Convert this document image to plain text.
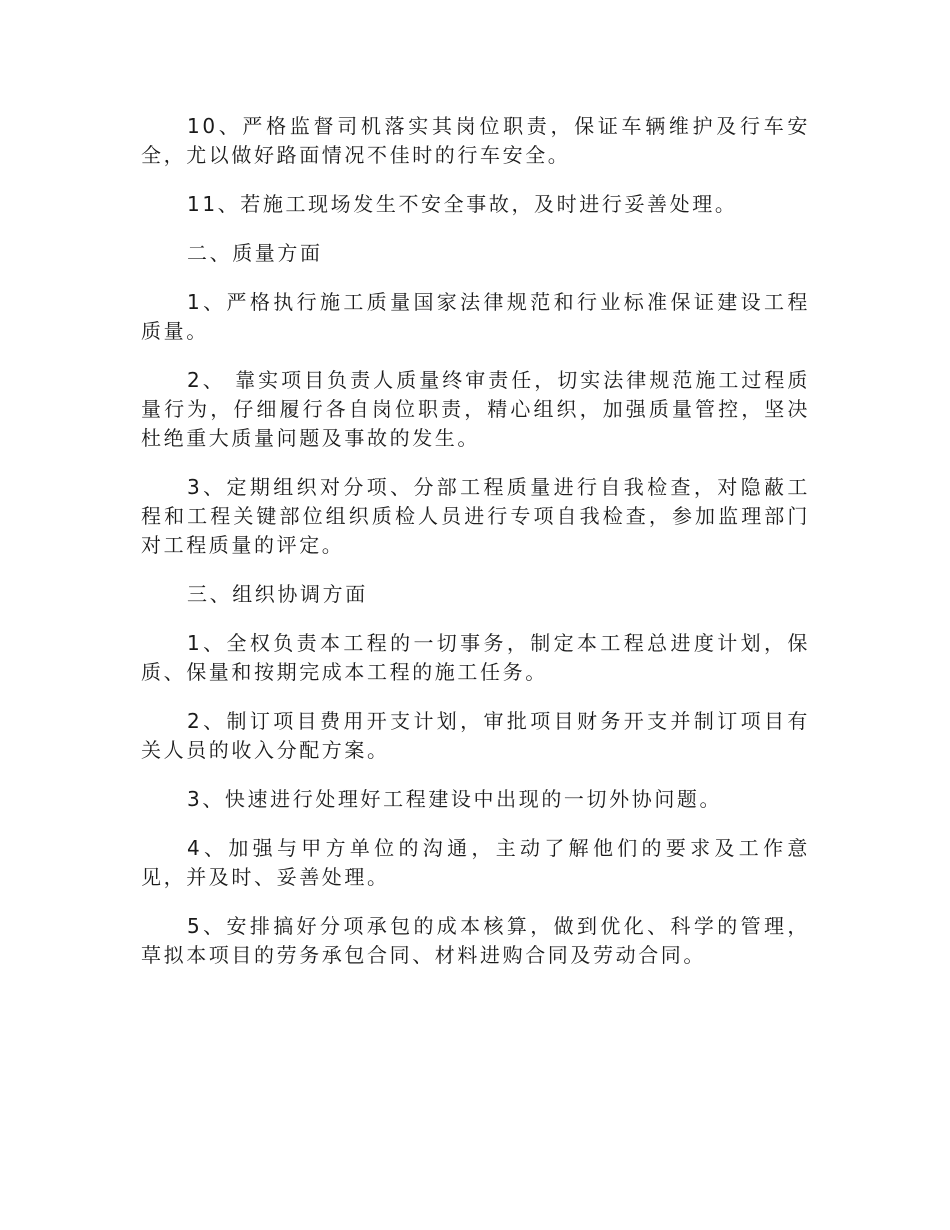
10、严格监督司机落实其岗位职责，保证车辆维护及行车安全，尤以做好路面情况不佳时的行车安全。

11、若施工现场发生不安全事故，及时进行妥善处理。

二、质量方面

1、严格执行施工质量国家法律规范和行业标准保证建设工程质量。

2、 靠实项目负责人质量终审责任，切实法律规范施工过程质量行为，仔细履行各自岗位职责，精心组织，加强质量管控，坚决杜绝重大质量问题及事故的发生。

3、定期组织对分项、分部工程质量进行自我检查，对隐蔽工程和工程关键部位组织质检人员进行专项自我检查，参加监理部门对工程质量的评定。

三、组织协调方面

1、全权负责本工程的一切事务，制定本工程总进度计划，保质、保量和按期完成本工程的施工任务。

2、制订项目费用开支计划，审批项目财务开支并制订项目有关人员的收入分配方案。

3、快速进行处理好工程建设中出现的一切外协问题。

4、加强与甲方单位的沟通，主动了解他们的要求及工作意见，并及时、妥善处理。

5、安排搞好分项承包的成本核算，做到优化、科学的管理，草拟本项目的劳务承包合同、材料进购合同及劳动合同。
